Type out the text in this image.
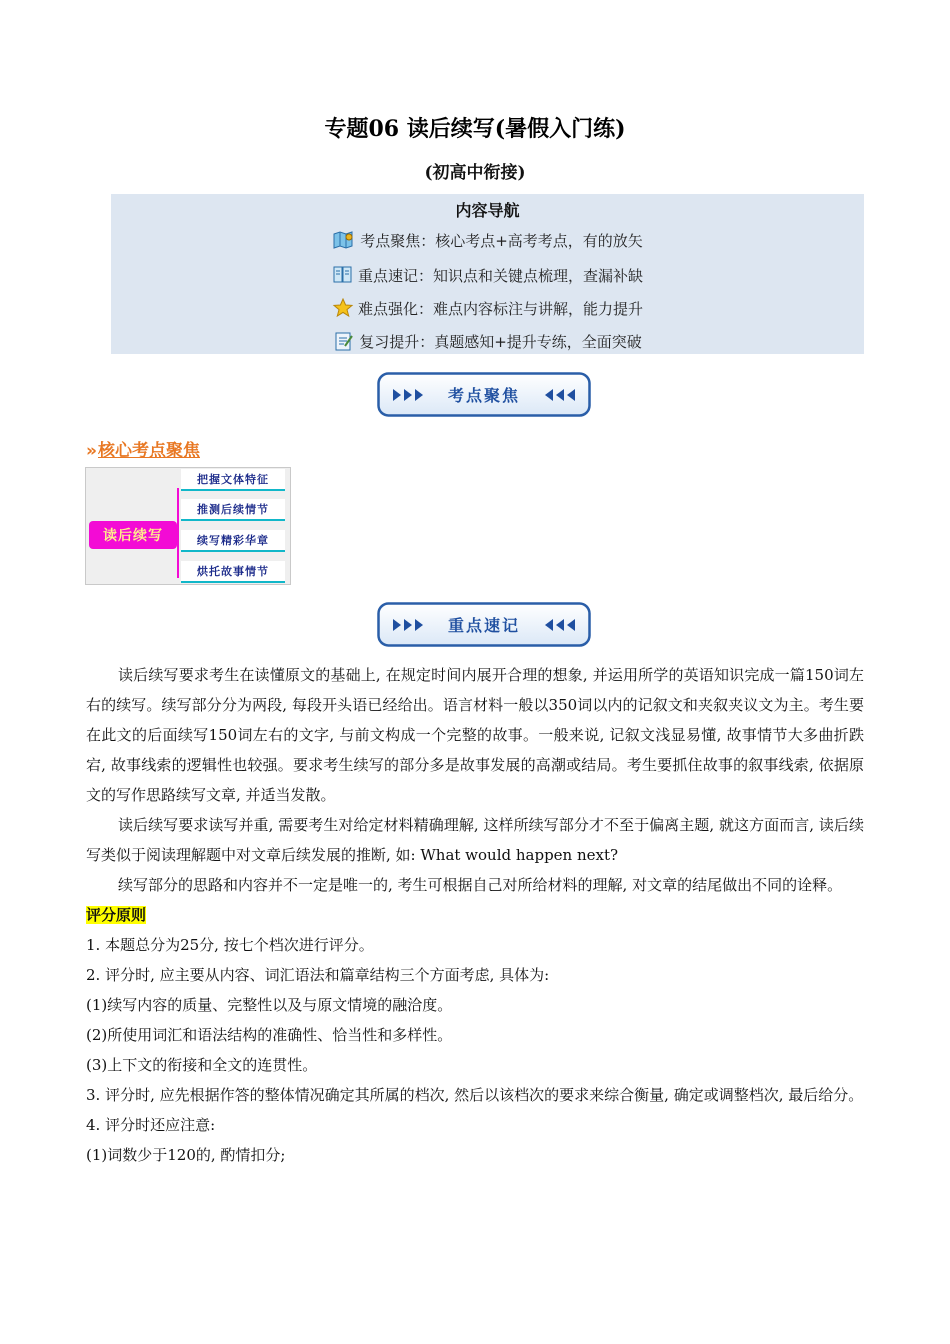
专题06 读后续写(暑假入门练)
(初高中衔接)
内容导航
考点聚焦：核心考点+高考考点，有的放矢
重点速记：知识点和关键点梳理，查漏补缺
难点强化：难点内容标注与讲解，能力提升
复习提升：真题感知+提升专练，全面突破
考点聚焦
» 核心考点聚焦
把握文体特征
推测后续情节
读后续写	续写精彩华章
烘托故事情节
重点速记

读后续写要求考生在读懂原文的基础上, 在规定时间内展开合理的想象, 并运用所学的英语知识完成一篇150词左右的续写。续写部分分为两段, 每段开头语已经给出。语言材料一般以350词以内的记叙文和夹叙夹议文为主。考生要在此文的后面续写150词左右的文字, 与前文构成一个完整的故事。一般来说, 记叙文浅显易懂, 故事情节大多曲折跌宕, 故事线索的逻辑性也较强。要求考生续写的部分多是故事发展的高潮或结局。考生要抓住故事的叙事线索, 依据原文的写作思路续写文章, 并适当发散。

读后续写要求读写并重, 需要考生对给定材料精确理解, 这样所续写部分才不至于偏离主题, 就这方面而言, 读后续写类似于阅读理解题中对文章后续发展的推断, 如: What would happen next?

续写部分的思路和内容并不一定是唯一的, 考生可根据自己对所给材料的理解, 对文章的结尾做出不同的诠释。

评分原则

1. 本题总分为25分, 按七个档次进行评分。

2. 评分时, 应主要从内容、词汇语法和篇章结构三个方面考虑, 具体为:

(1)续写内容的质量、完整性以及与原文情境的融洽度。

(2)所使用词汇和语法结构的准确性、恰当性和多样性。

(3)上下文的衔接和全文的连贯性。

3. 评分时, 应先根据作答的整体情况确定其所属的档次, 然后以该档次的要求来综合衡量, 确定或调整档次, 最后给分。

4. 评分时还应注意:

(1)词数少于120的, 酌情扣分;
